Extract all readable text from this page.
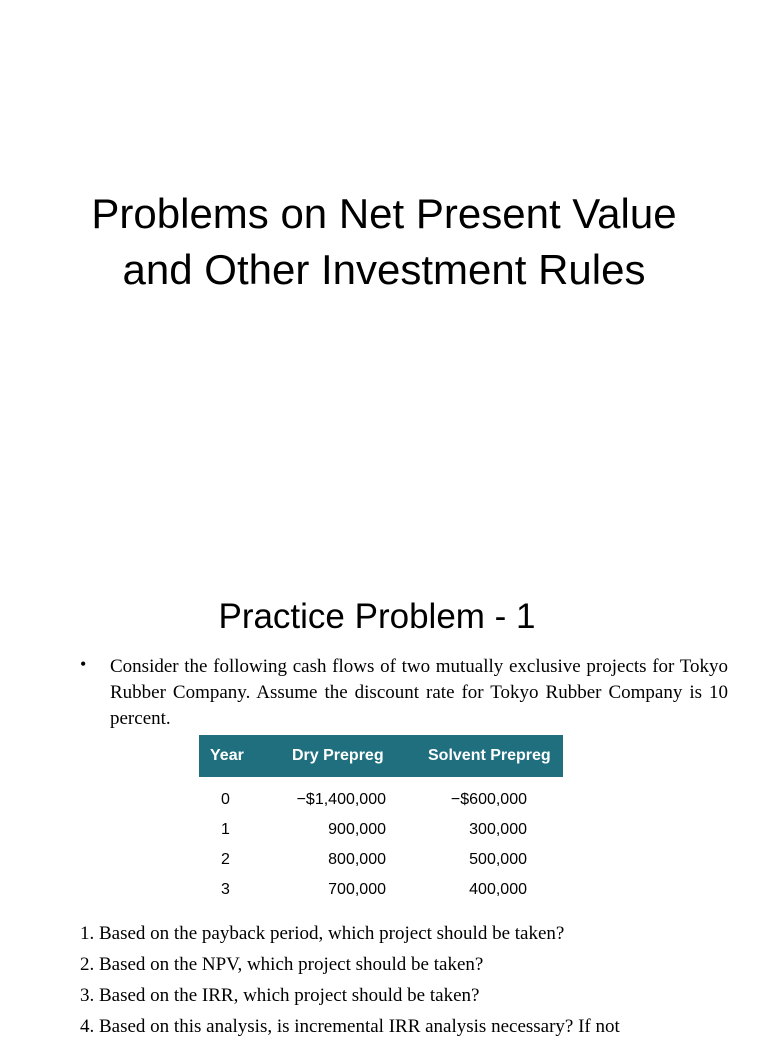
Problems on Net Present Value
and Other Investment Rules
Practice Problem - 1
• Consider the following cash flows of two mutually exclusive projects for Tokyo Rubber Company. Assume the discount rate for Tokyo Rubber Company is 10 percent.

Year	Dry Prepreg	Solvent Prepreg
0	−$1,400,000	−$600,000
1	900,000	300,000
2	800,000	500,000
3	700,000	400,000
1. Based on the payback period, which project should be taken?
2. Based on the NPV, which project should be taken?
3. Based on the IRR, which project should be taken?
4. Based on this analysis, is incremental IRR analysis necessary? If not
